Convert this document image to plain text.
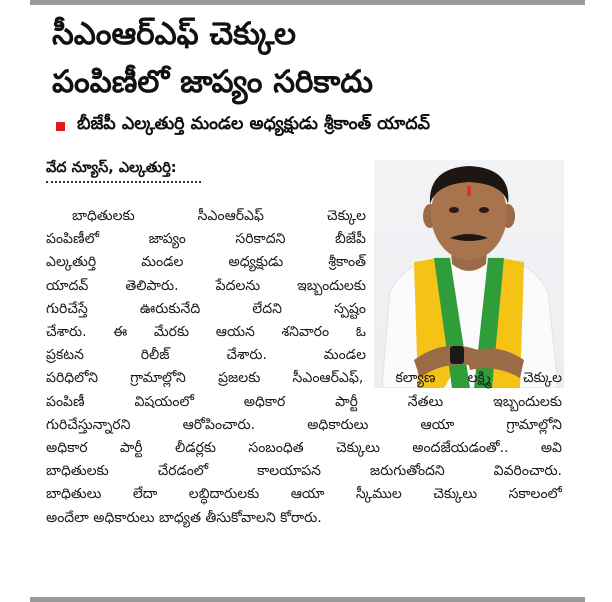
సీఎంఆర్‌ఎఫ్ చెక్కుల
పంపిణీలో జాప్యం సరికాదు
బీజేపీ ఎల్కతుర్తి మండల అధ్యక్షుడు శ్రీకాంత్ యాదవ్
వేద న్యూస్, ఎల్కతుర్తి:
బాధితులకు సీఎంఆర్ఎఫ్ చెక్కుల
పంపిణీలో జాప్యం సరికాదని బీజేపీ
ఎల్కతుర్తి మండల అధ్యక్షుడు శ్రీకాంత్
యాదవ్ తెలిపారు. పేదలను ఇబ్బందులకు
గురిచేస్తే ఊరుకునేది లేదని స్పష్టం
చేశారు. ఈ మేరకు ఆయన శనివారం ఓ
ప్రకటన రిలీజ్ చేశారు. మండల
పరిధిలోని గ్రామాల్లోని ప్రజలకు సీఎంఆర్ఎఫ్, కల్యాణ లక్ష్మి చెక్కుల
పంపిణీ విషయంలో అధికార పార్టీ నేతలు ఇబ్బందులకు
గురిచేస్తున్నారని ఆరోపించారు. అధికారులు ఆయా గ్రామాల్లోని
అధికార పార్టీ లీడర్లకు సంబంధిత చెక్కులు అందజేయడంతో.. అవి
బాధితులకు చేరడంలో కాలయాపన జరుగుతోందని వివరించారు.
బాధితులు లేదా లబ్ధిదారులకు ఆయా స్కీముల చెక్కులు సకాలంలో
అందేలా అధికారులు బాధ్యత తీసుకోవాలని కోరారు.
